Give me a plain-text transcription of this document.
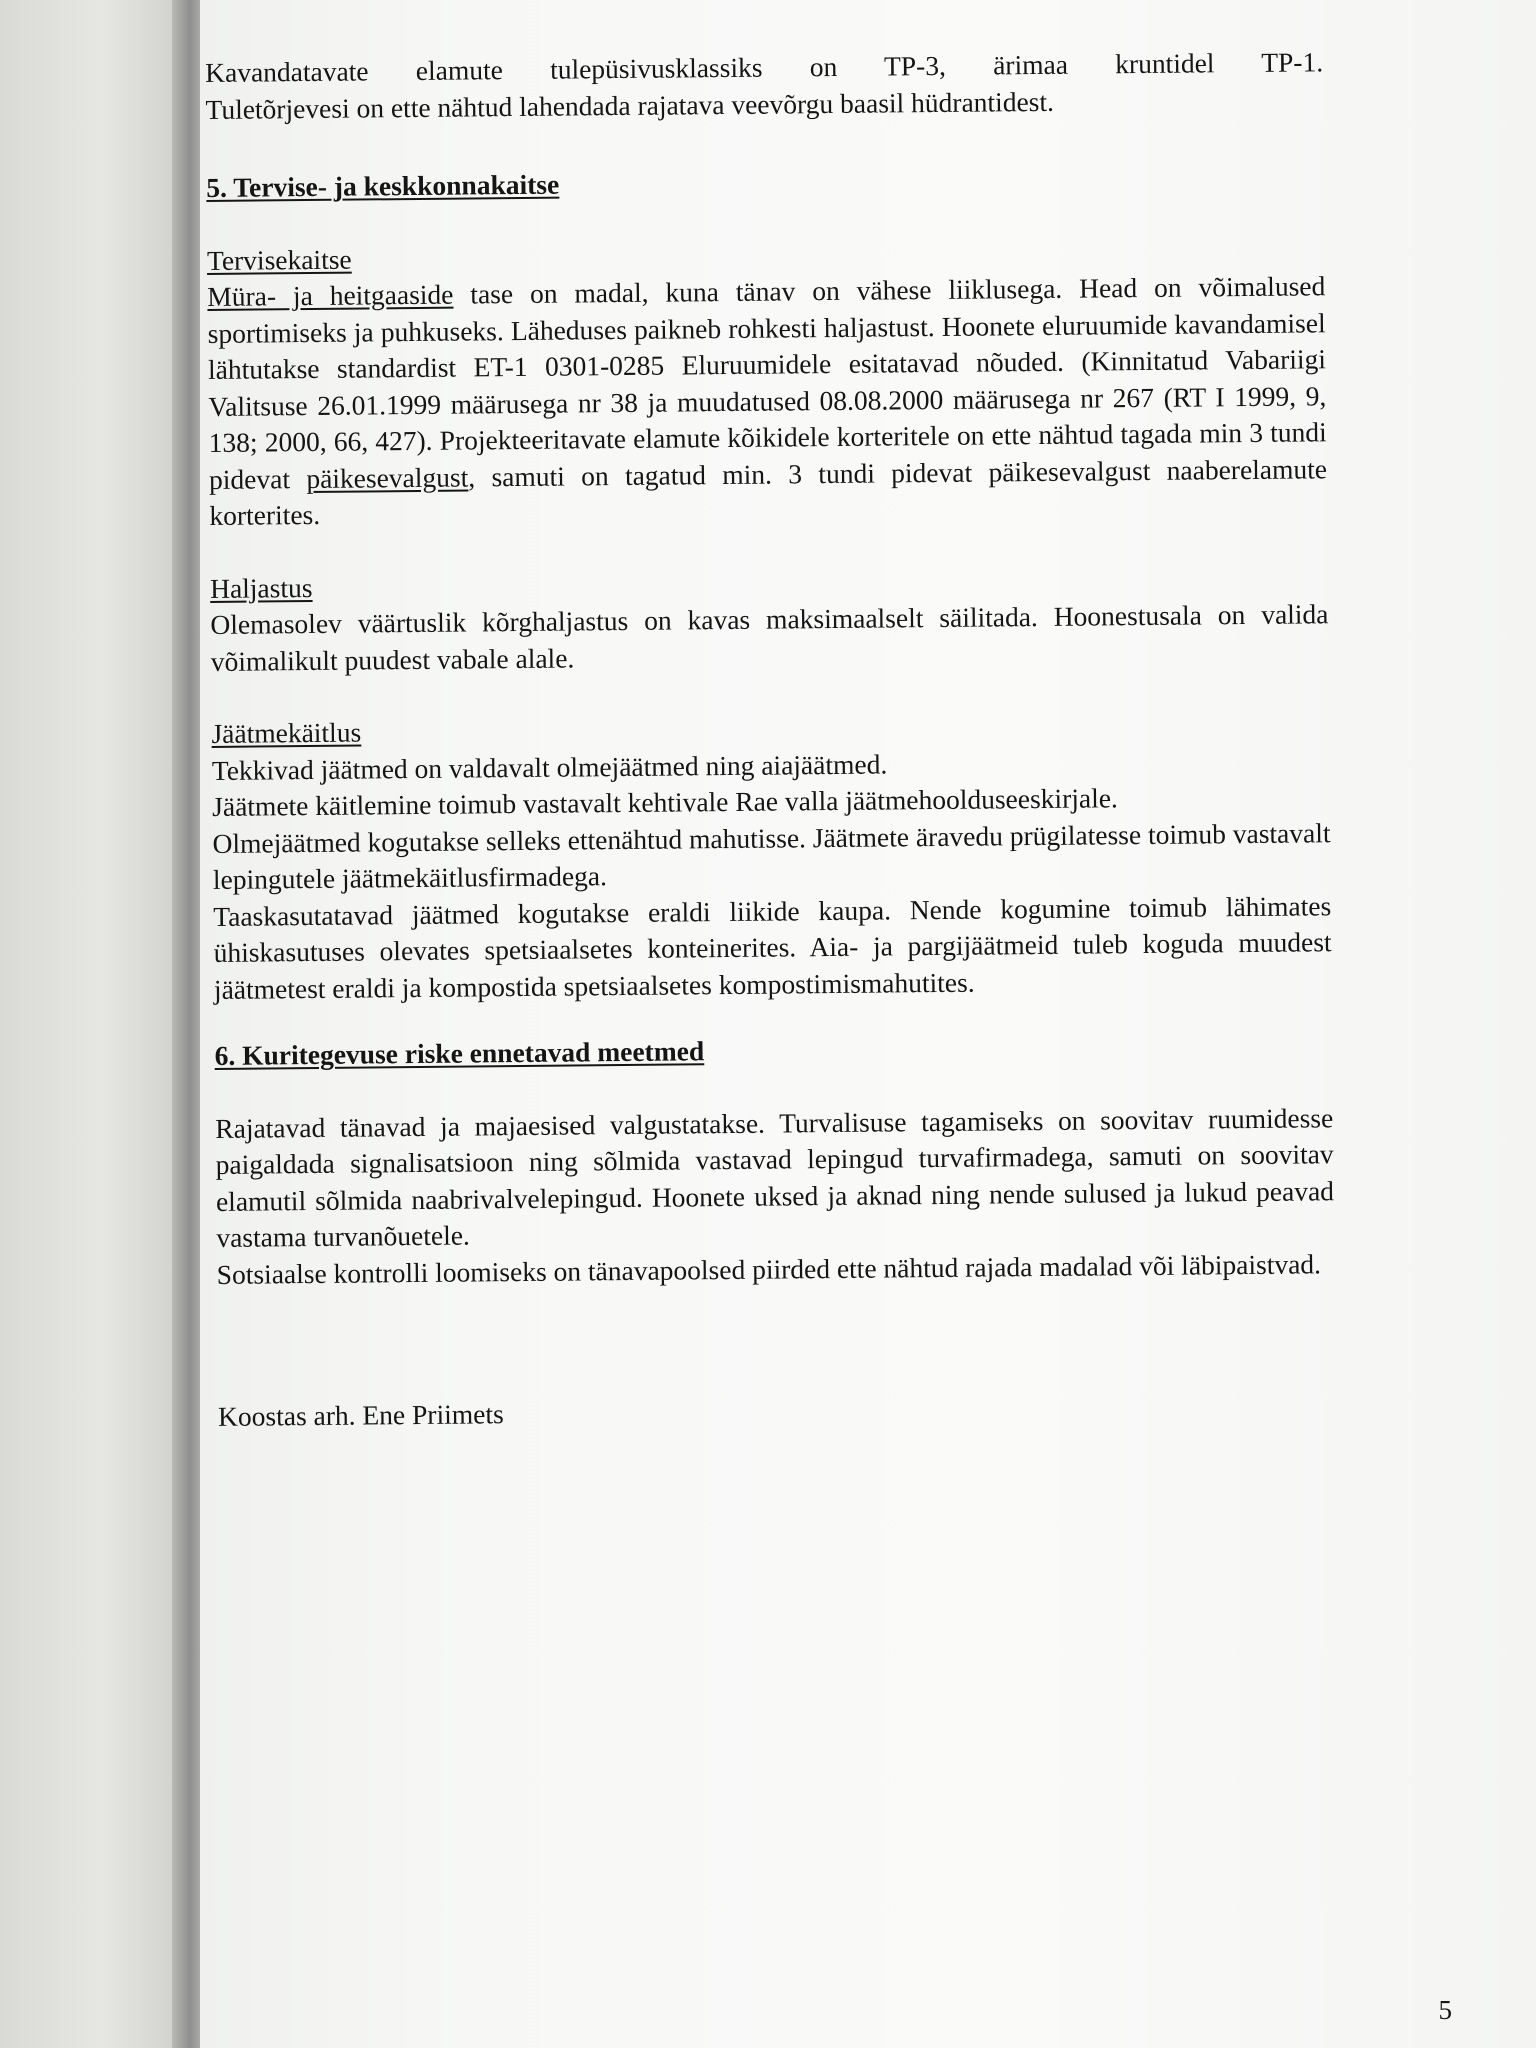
Kavandatavate elamute tulepüsivusklassiks on TP-3, ärimaa kruntidel TP-1.
Tuletõrjevesi on ette nähtud lahendada rajatava veevõrgu baasil hüdrantidest.
5. Tervise- ja keskkonnakaitse
Tervisekaitse

Müra- ja heitgaaside tase on madal, kuna tänav on vähese liiklusega. Head on võimalused sportimiseks ja puhkuseks. Läheduses paikneb rohkesti haljastust. Hoonete eluruumide kavandamisel lähtutakse standardist ET-1 0301-0285 Eluruumidele esitatavad nõuded. (Kinnitatud Vabariigi Valitsuse 26.01.1999 määrusega nr 38 ja muudatused 08.08.2000 määrusega nr 267 (RT I 1999, 9, 138; 2000, 66, 427). Projekteeritavate elamute kõikidele korteritele on ette nähtud tagada min 3 tundi pidevat päikesevalgust, samuti on tagatud min. 3 tundi pidevat päikesevalgust naaberelamute korterites.

Haljastus

Olemasolev väärtuslik kõrghaljastus on kavas maksimaalselt säilitada. Hoonestusala on valida võimalikult puudest vabale alale.

Jäätmekäitlus

Tekkivad jäätmed on valdavalt olmejäätmed ning aiajäätmed.

Jäätmete käitlemine toimub vastavalt kehtivale Rae valla jäätmehoolduseeskirjale.

Olmejäätmed kogutakse selleks ettenähtud mahutisse. Jäätmete äravedu prügilatesse toimub vastavalt lepingutele jäätmekäitlusfirmadega.

Taaskasutatavad jäätmed kogutakse eraldi liikide kaupa. Nende kogumine toimub lähimates ühiskasutuses olevates spetsiaalsetes konteinerites. Aia- ja pargijäätmeid tuleb koguda muudest jäätmetest eraldi ja kompostida spetsiaalsetes kompostimismahutites.

6. Kuritegevuse riske ennetavad meetmed

Rajatavad tänavad ja majaesised valgustatakse. Turvalisuse tagamiseks on soovitav ruumidesse paigaldada signalisatsioon ning sõlmida vastavad lepingud turvafirmadega, samuti on soovitav elamutil sõlmida naabrivalvelepingud. Hoonete uksed ja aknad ning nende sulused ja lukud peavad vastama turvanõuetele.

Sotsiaalse kontrolli loomiseks on tänavapoolsed piirded ette nähtud rajada madalad või läbipaistvad.

Koostas arh. Ene Priimets

5
